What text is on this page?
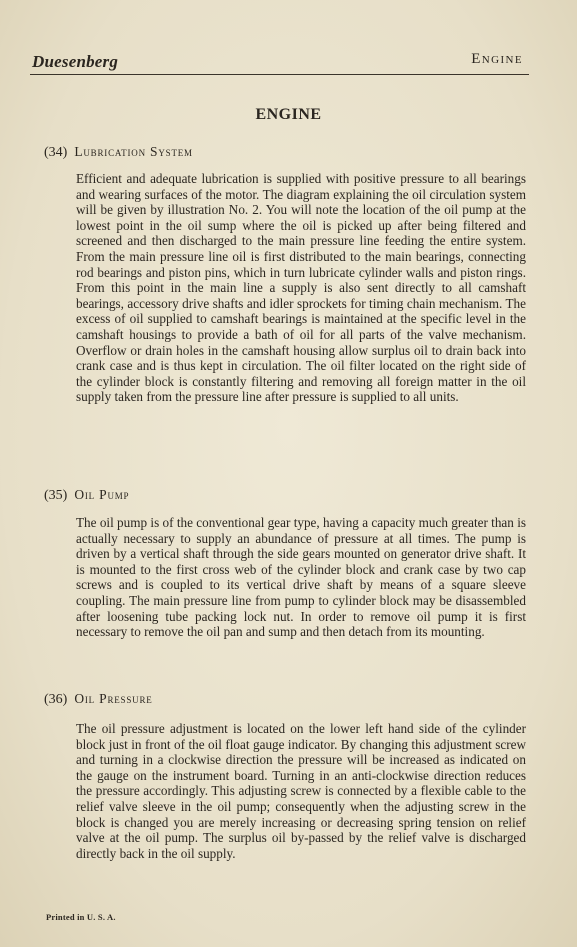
Duesenberg	Engine
ENGINE
(34) Lubrication System

Efficient and adequate lubrication is supplied with positive pressure to all bearings and wearing surfaces of the motor. The diagram explaining the oil circulation system will be given by illustration No. 2. You will note the location of the oil pump at the lowest point in the oil sump where the oil is picked up after being filtered and screened and then discharged to the main pressure line feeding the entire system. From the main pressure line oil is first distributed to the main bearings, connecting rod bearings and piston pins, which in turn lubricate cylinder walls and piston rings. From this point in the main line a supply is also sent directly to all camshaft bearings, accessory drive shafts and idler sprockets for timing chain mechanism. The excess of oil supplied to camshaft bearings is maintained at the specific level in the camshaft housings to provide a bath of oil for all parts of the valve mechanism. Overflow or drain holes in the camshaft housing allow surplus oil to drain back into crank case and is thus kept in circulation. The oil filter located on the right side of the cylinder block is constantly filtering and removing all foreign matter in the oil supply taken from the pressure line after pressure is supplied to all units.

(35) Oil Pump

The oil pump is of the conventional gear type, having a capacity much greater than is actually necessary to supply an abundance of pressure at all times. The pump is driven by a vertical shaft through the side gears mounted on generator drive shaft. It is mounted to the first cross web of the cylinder block and crank case by two cap screws and is coupled to its vertical drive shaft by means of a square sleeve coupling. The main pressure line from pump to cylinder block may be disassembled after loosening tube packing lock nut. In order to remove oil pump it is first necessary to remove the oil pan and sump and then detach from its mounting.

(36) Oil Pressure

The oil pressure adjustment is located on the lower left hand side of the cylinder block just in front of the oil float gauge indicator. By changing this adjustment screw and turning in a clockwise direction the pressure will be increased as indicated on the gauge on the instrument board. Turning in an anti-clockwise direction reduces the pressure accordingly. This adjusting screw is connected by a flexible cable to the relief valve sleeve in the oil pump; consequently when the adjusting screw in the block is changed you are merely increasing or decreasing spring tension on relief valve at the oil pump. The surplus oil by-passed by the relief valve is discharged directly back in the oil supply.

Printed in U. S. A.
